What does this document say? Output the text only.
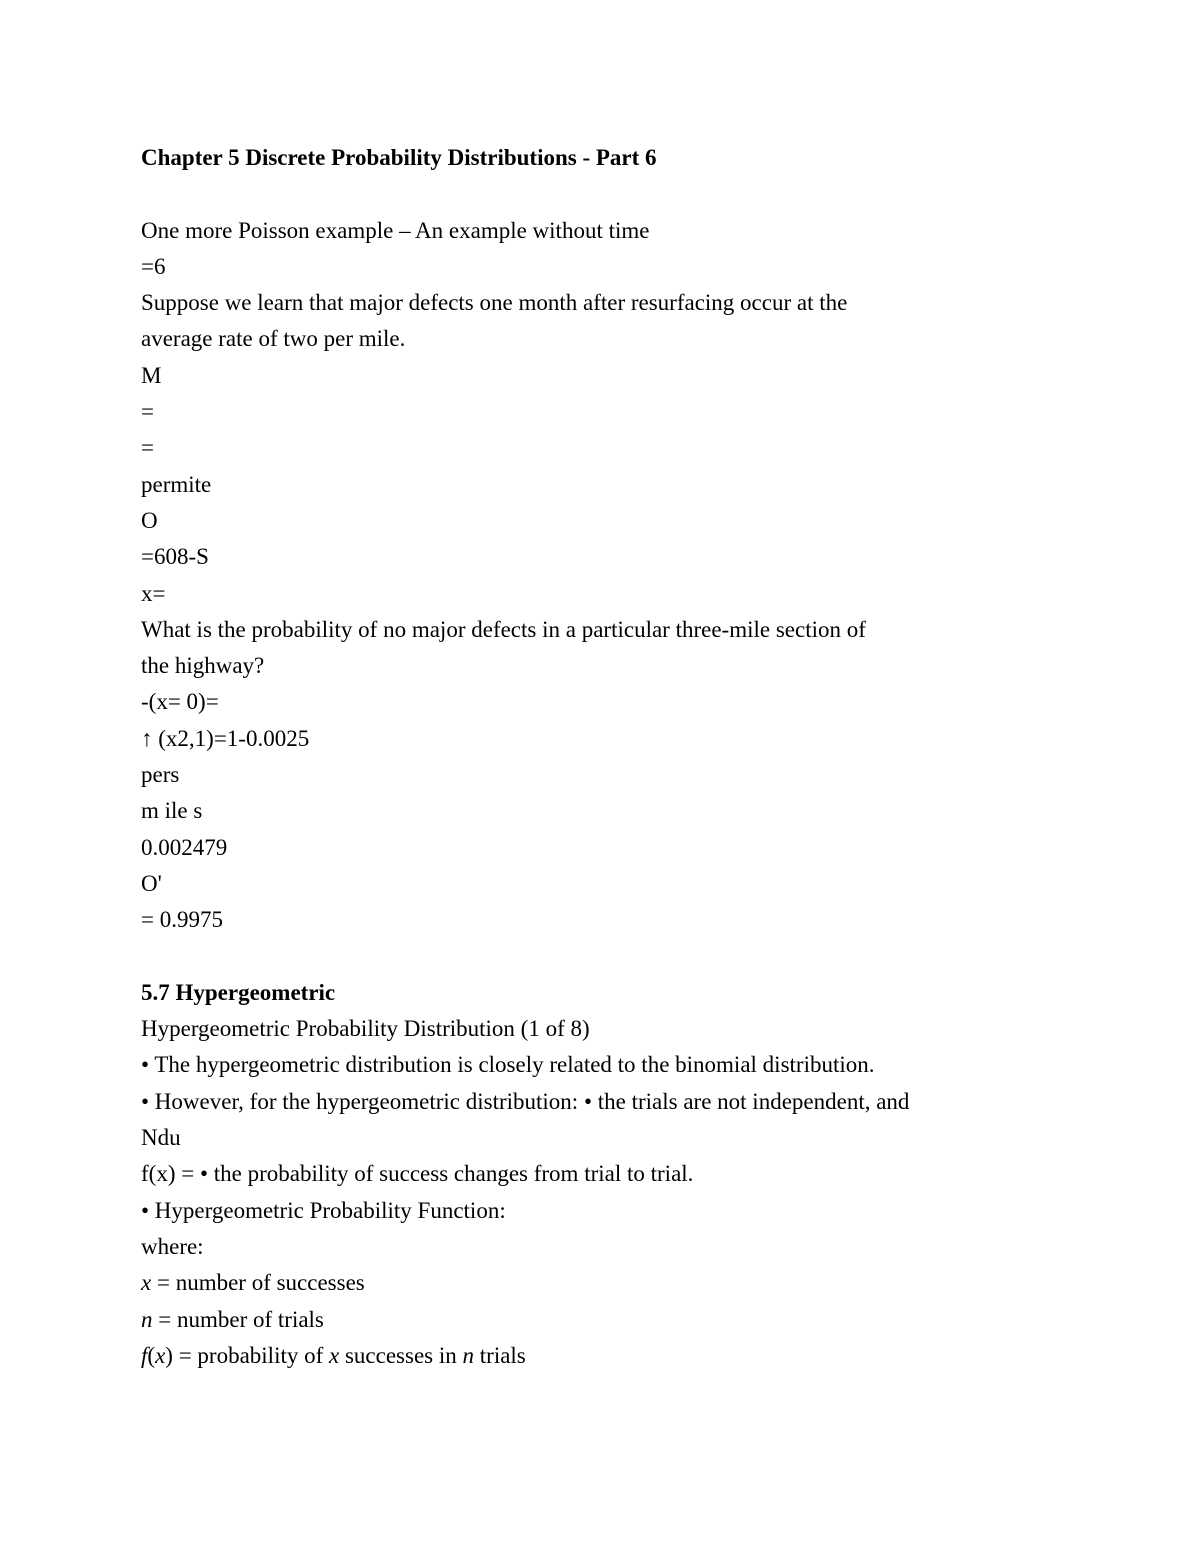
Chapter 5 Discrete Probability Distributions - Part 6
One more Poisson example – An example without time
=6
Suppose we learn that major defects one month after resurfacing occur at the
average rate of two per mile.
M
=
=
permite
O
=608-S
x=
What is the probability of no major defects in a particular three-mile section of
the highway?
-(x= 0)=
↑ (x2,1)=1-0.0025
pers
m ile s
0.002479
O'
= 0.9975
5.7 Hypergeometric
Hypergeometric Probability Distribution (1 of 8)
• The hypergeometric distribution is closely related to the binomial distribution.
• However, for the hypergeometric distribution: • the trials are not independent, and
Ndu
f(x) = • the probability of success changes from trial to trial.
• Hypergeometric Probability Function:
where:
x = number of successes
n = number of trials
f(x) = probability of x successes in n trials
